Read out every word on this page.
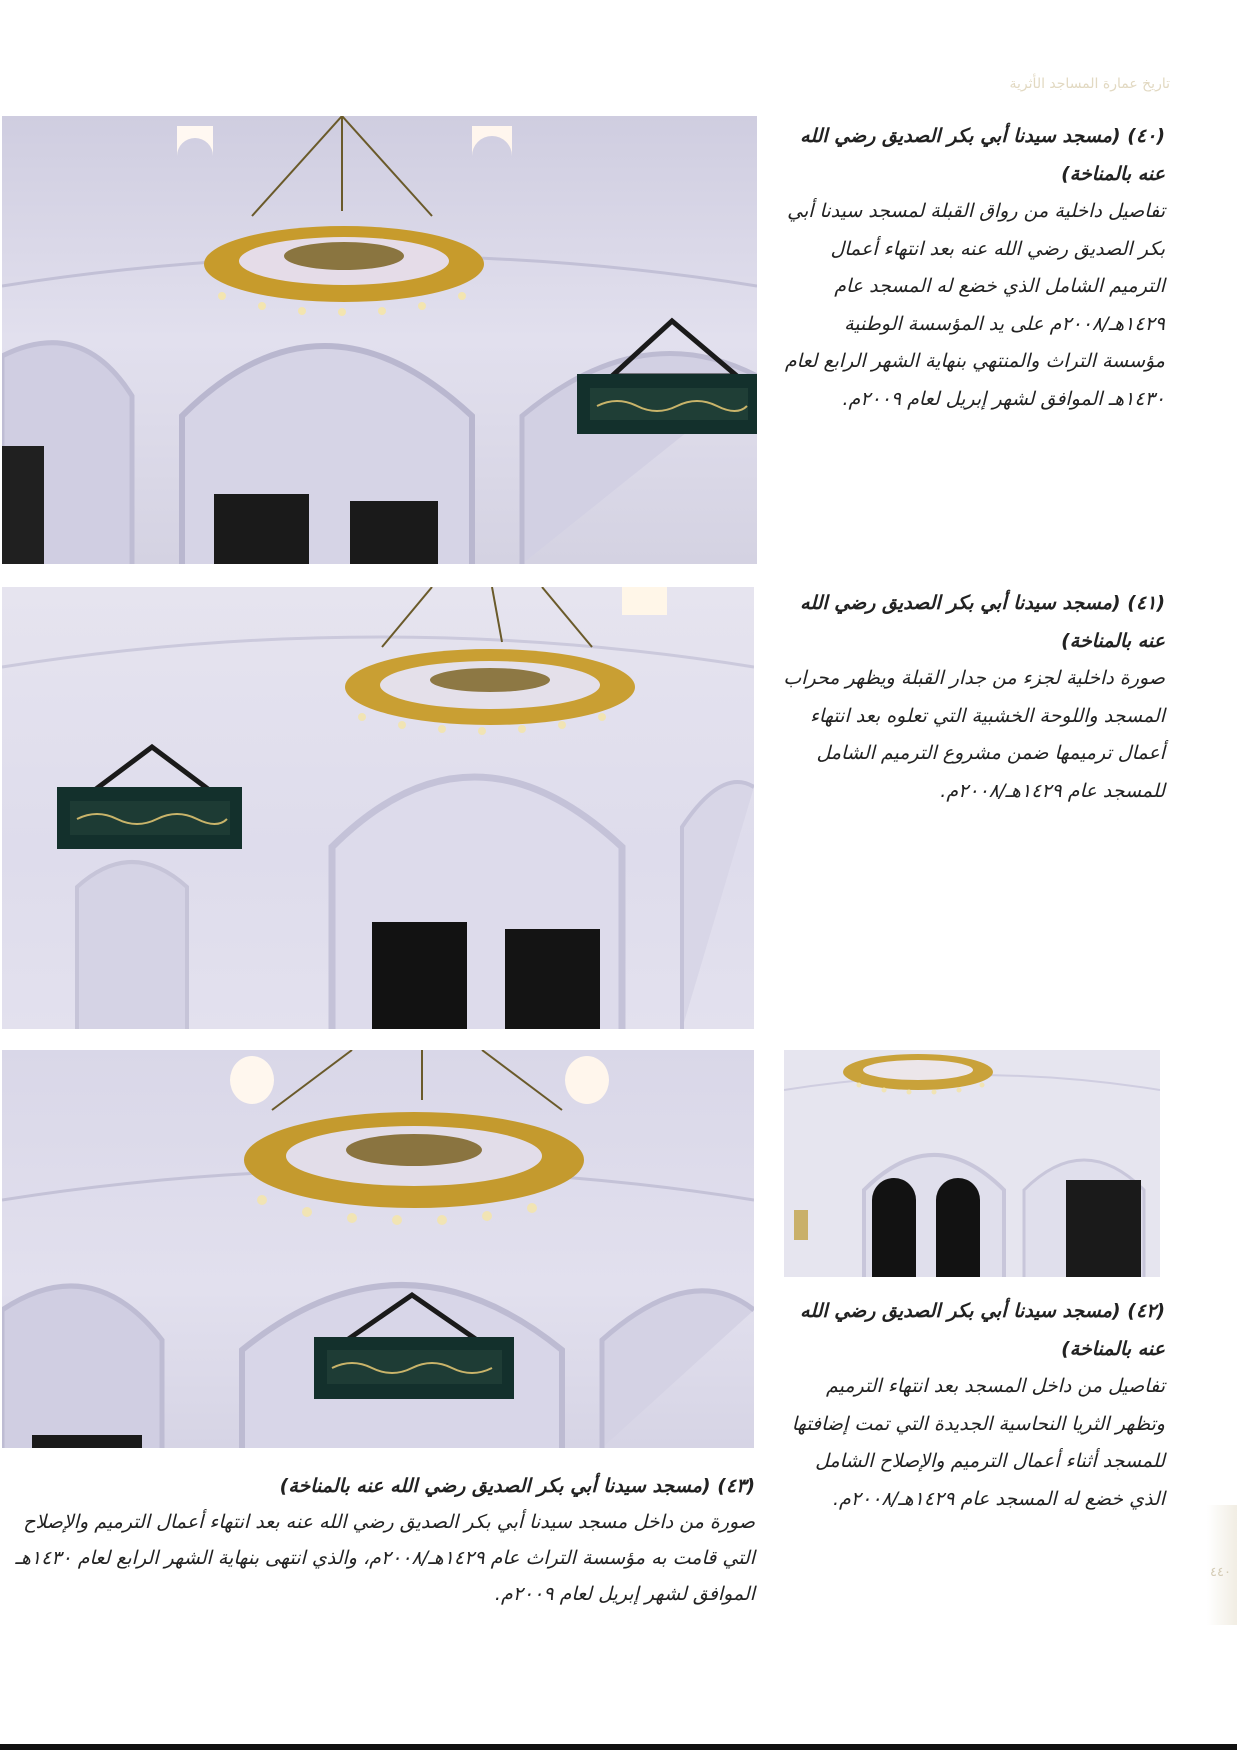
تاريخ عمارة المساجد الأثرية
(٤٠) (مسجد سيدنا أبي بكر الصديق رضي الله عنه بالمناخة)
تفاصيل داخلية من رواق القبلة لمسجد سيدنا أبي بكر الصديق رضي الله عنه بعد انتهاء أعمال الترميم الشامل الذي خضع له المسجد عام ١٤٢٩هـ/٢٠٠٨م على يد المؤسسة الوطنية مؤسسة التراث والمنتهي بنهاية الشهر الرابع لعام ١٤٣٠هـ الموافق لشهر إبريل لعام ٢٠٠٩م.
(٤١) (مسجد سيدنا أبي بكر الصديق رضي الله عنه بالمناخة)
صورة داخلية لجزء من جدار القبلة ويظهر محراب المسجد واللوحة الخشبية التي تعلوه بعد انتهاء أعمال ترميمها ضمن مشروع الترميم الشامل للمسجد عام ١٤٢٩هـ/٢٠٠٨م.
(٤٢) (مسجد سيدنا أبي بكر الصديق رضي الله عنه بالمناخة)
تفاصيل من داخل المسجد بعد انتهاء الترميم وتظهر الثريا النحاسية الجديدة التي تمت إضافتها للمسجد أثناء أعمال الترميم والإصلاح الشامل الذي خضع له المسجد عام ١٤٢٩هـ/٢٠٠٨م.
(٤٣) (مسجد سيدنا أبي بكر الصديق رضي الله عنه بالمناخة)
صورة من داخل مسجد سيدنا أبي بكر الصديق رضي الله عنه بعد انتهاء أعمال الترميم والإصلاح التي قامت به مؤسسة التراث عام ١٤٢٩هـ/٢٠٠٨م، والذي انتهى بنهاية الشهر الرابع لعام ١٤٣٠هـ الموافق لشهر إبريل لعام ٢٠٠٩م.
٤٤٠
